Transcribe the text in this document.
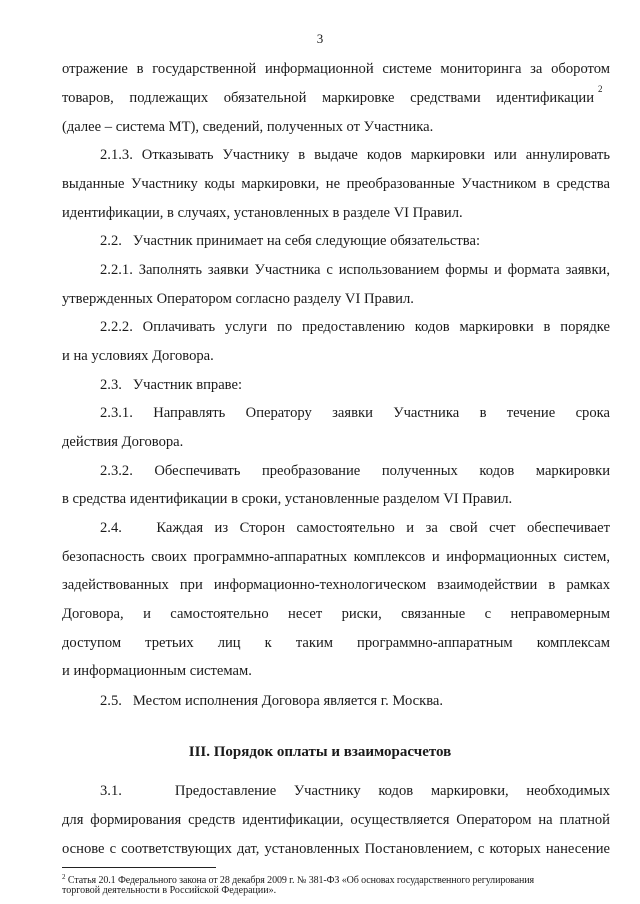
3
отражение в государственной информационной системе мониторинга за оборотом
товаров, подлежащих обязательной маркировке средствами идентификации
2
(далее – система МТ), сведений, полученных от Участника.
2.1.3. Отказывать Участнику в выдаче кодов маркировки или аннулировать
выданные Участнику коды маркировки, не преобразованные Участником в средства
идентификации, в случаях, установленных в разделе VI Правил.
2.2.   Участник принимает на себя следующие обязательства:
2.2.1. Заполнять заявки Участника с использованием формы и формата заявки,
утвержденных Оператором согласно разделу VI Правил.
2.2.2. Оплачивать услуги по предоставлению кодов маркировки в порядке
и на условиях Договора.
2.3.   Участник вправе:
2.3.1. Направлять Оператору заявки Участника в течение срока
действия Договора.
2.3.2. Обеспечивать преобразование полученных кодов маркировки
в средства идентификации в сроки, установленные разделом VI Правил.
2.4.   Каждая из Сторон самостоятельно и за свой счет обеспечивает
безопасность своих программно-аппаратных комплексов и информационных систем,
задействованных при информационно-технологическом взаимодействии в рамках
Договора, и самостоятельно несет риски, связанные с неправомерным
доступом третьих лиц к таким программно-аппаратным комплексам
и информационным системам.
2.5.   Местом исполнения Договора является г. Москва.
III. Порядок оплаты и взаиморасчетов
3.1.   Предоставление Участнику кодов маркировки, необходимых
для формирования средств идентификации, осуществляется Оператором на платной
основе с соответствующих дат, установленных Постановлением, с которых нанесение
$^2$ Статья 20.1 Федерального закона от 28 декабря 2009 г. № 381-ФЗ «Об основах государственного регулирования
торговой деятельности в Российской Федерации».
